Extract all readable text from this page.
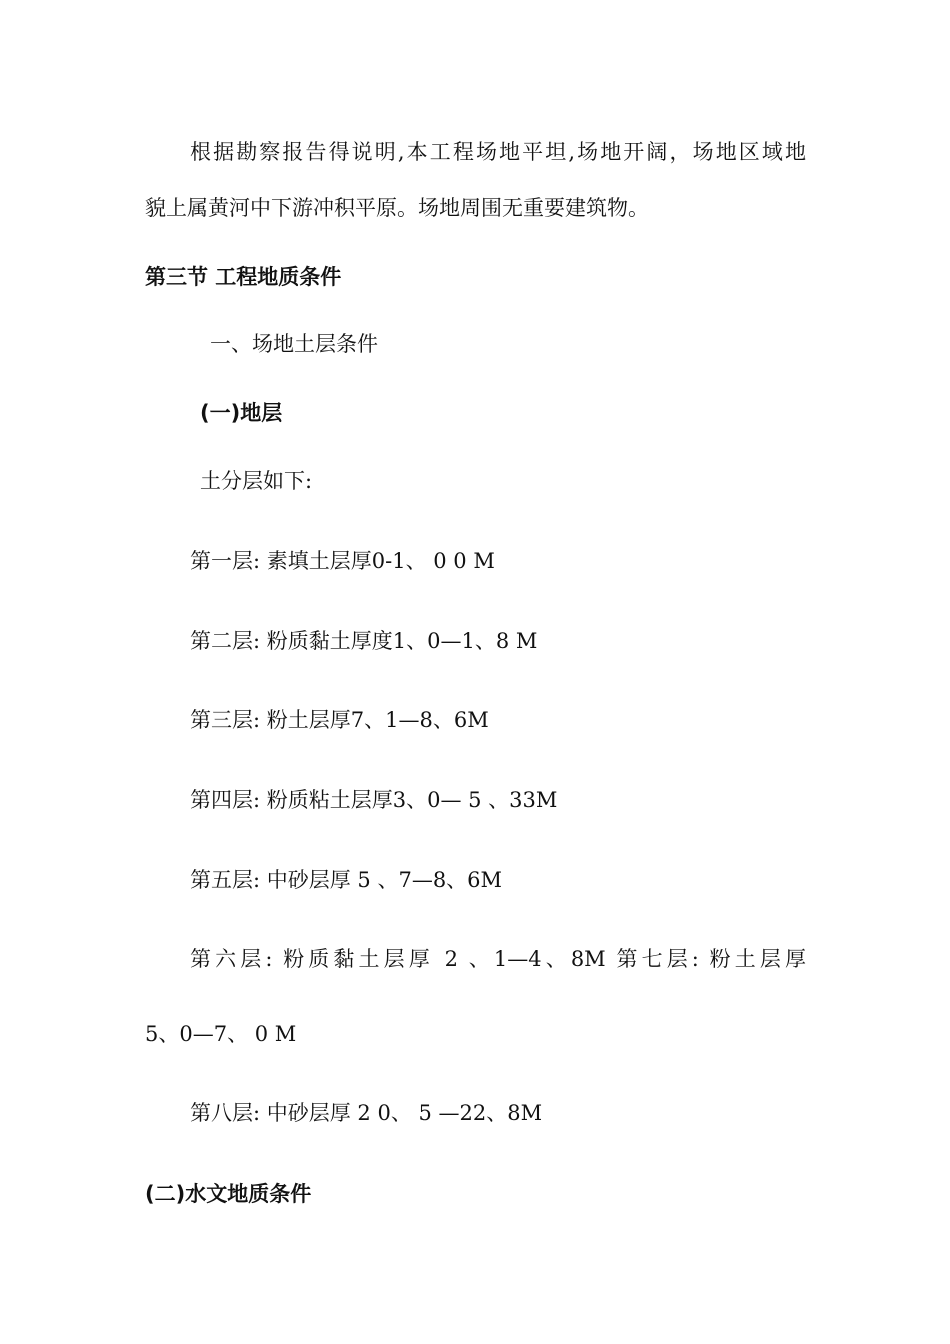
根据勘察报告得说明,本工程场地平坦,场地开阔，场地区域地
貌上属黄河中下游冲积平原。场地周围无重要建筑物。
第三节 工程地质条件
一、场地土层条件
(一)地层
土分层如下:
第一层: 素填土层厚0-1、 0 0 M
第二层: 粉质黏土厚度1、0—1、8 M
第三层: 粉土层厚7、1—8、6M
第四层: 粉质粘土层厚3、0— 5 、33M
第五层: 中砂层厚 5 、7—8、6M
第六层: 粉质黏土层厚 2 、1—4、8M 第七层: 粉土层厚
5、0—7、 0 M
第八层: 中砂层厚 2 0、 5 —22、8M
(二)水文地质条件
